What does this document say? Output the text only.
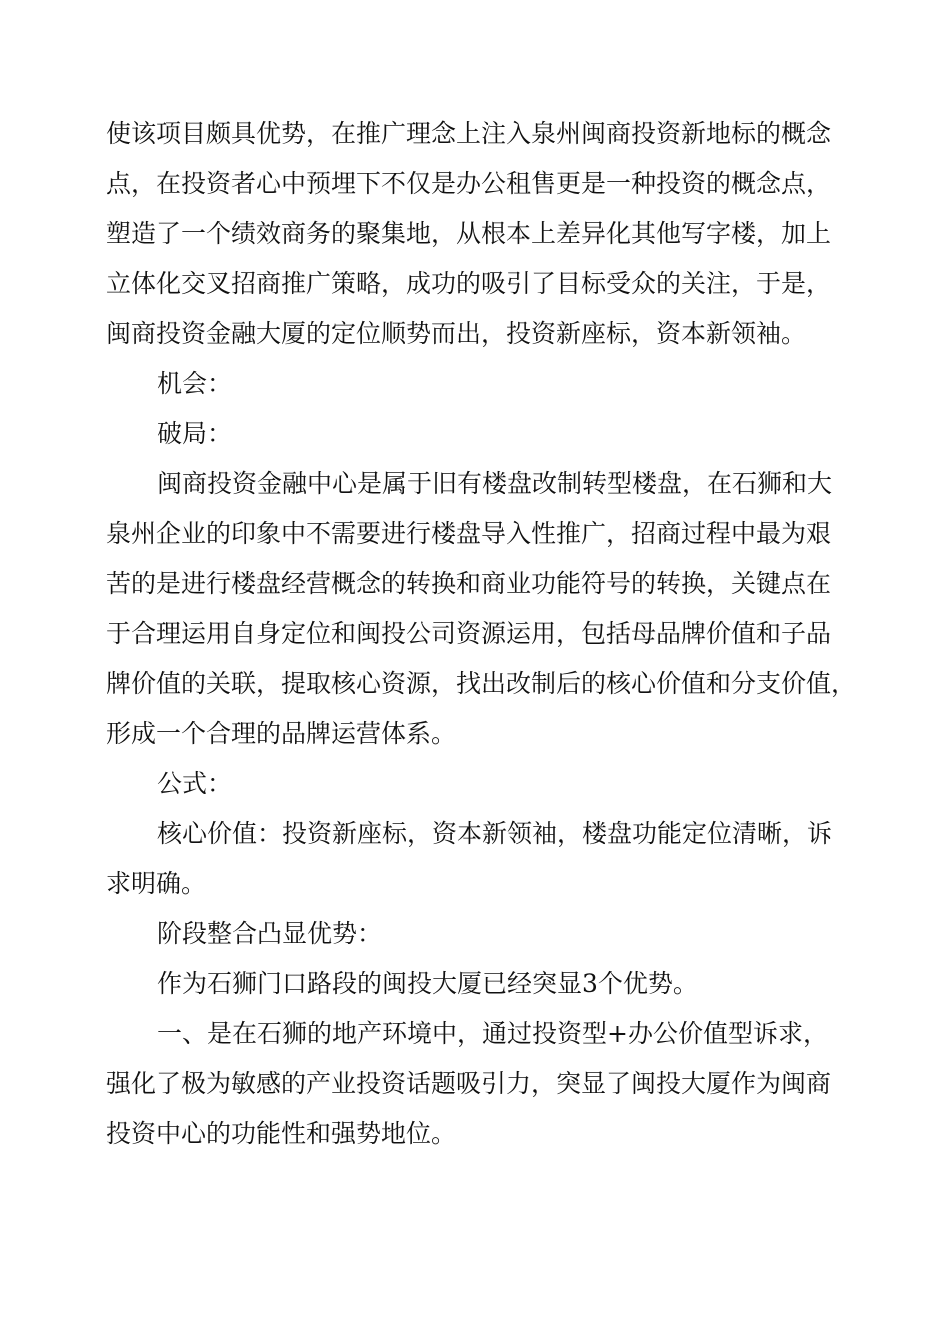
使该项目颇具优势，在推广理念上注入泉州闽商投资新地标的概念

点，在投资者心中预埋下不仅是办公租售更是一种投资的概念点，

塑造了一个绩效商务的聚集地，从根本上差异化其他写字楼，加上

立体化交叉招商推广策略，成功的吸引了目标受众的关注，于是，

闽商投资金融大厦的定位顺势而出，投资新座标，资本新领袖。

机会：

破局：

闽商投资金融中心是属于旧有楼盘改制转型楼盘，在石狮和大

泉州企业的印象中不需要进行楼盘导入性推广，招商过程中最为艰

苦的是进行楼盘经营概念的转换和商业功能符号的转换，关键点在

于合理运用自身定位和闽投公司资源运用，包括母品牌价值和子品

牌价值的关联，提取核心资源，找出改制后的核心价值和分支价值，

形成一个合理的品牌运营体系。

公式：

核心价值：投资新座标，资本新领袖，楼盘功能定位清晰，诉

求明确。

阶段整合凸显优势：

作为石狮门口路段的闽投大厦已经突显3个优势。

一、是在石狮的地产环境中，通过投资型+办公价值型诉求，

强化了极为敏感的产业投资话题吸引力，突显了闽投大厦作为闽商

投资中心的功能性和强势地位。
